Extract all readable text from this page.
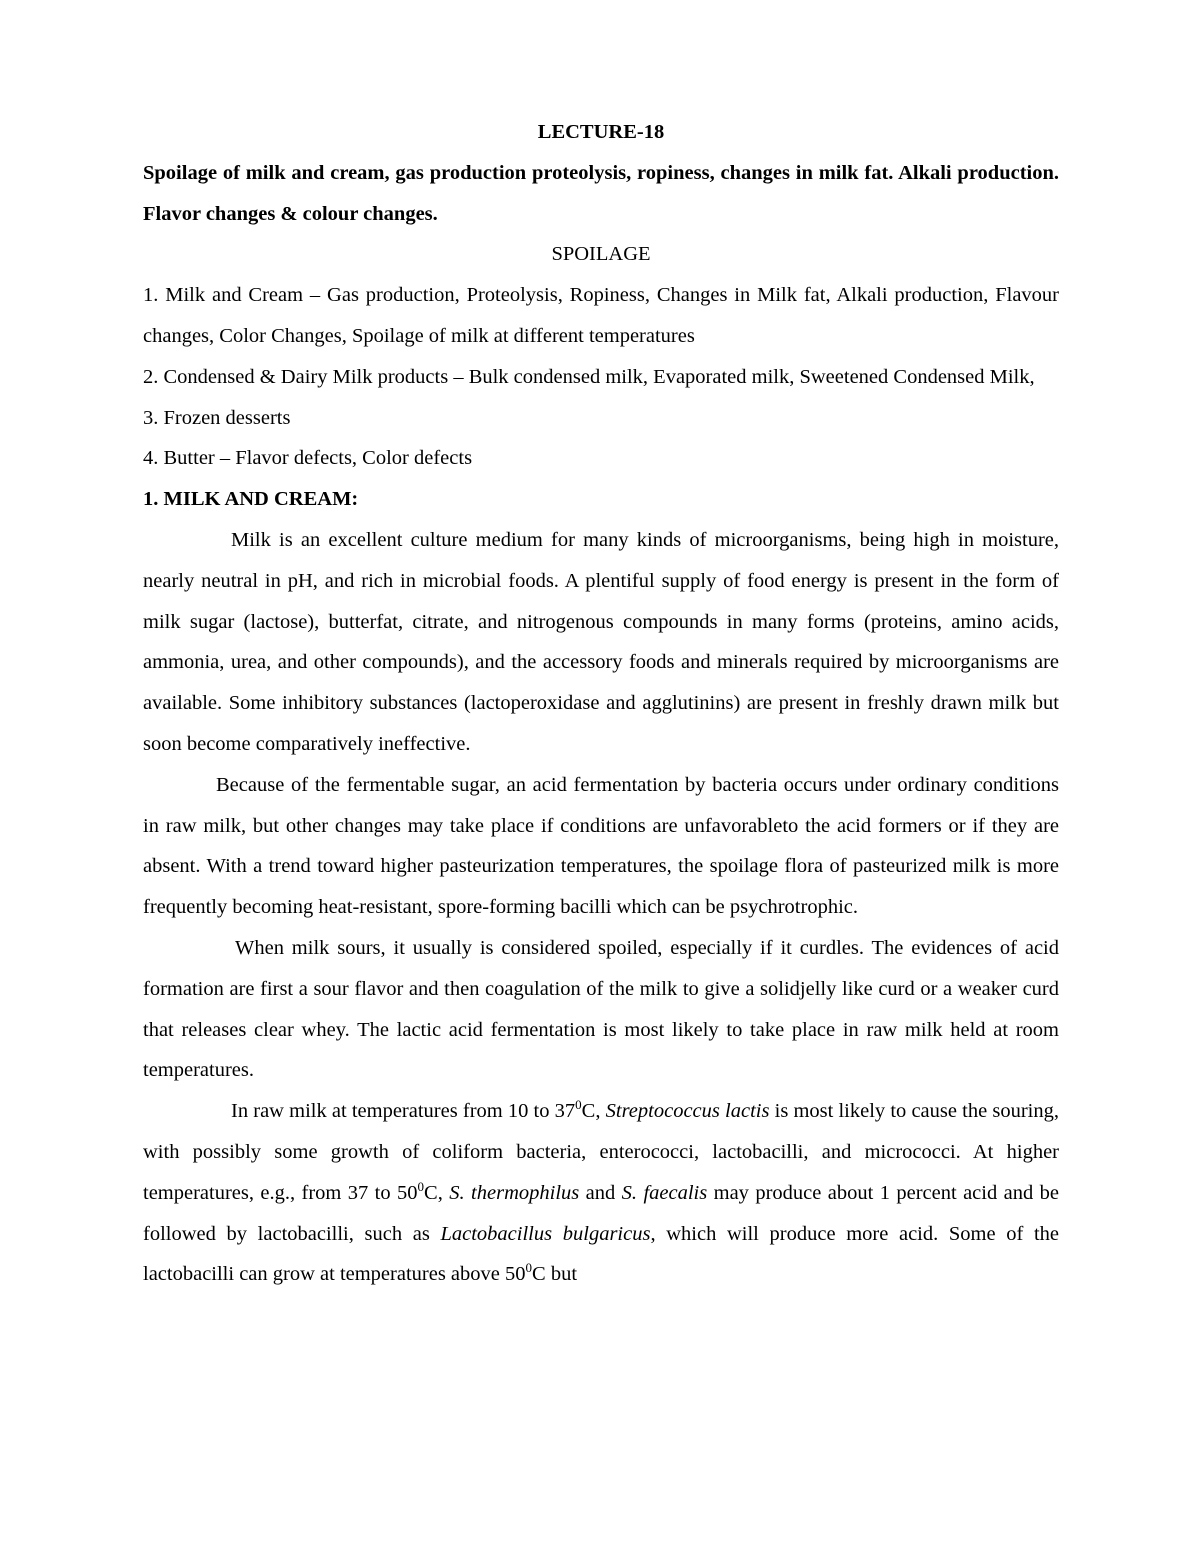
LECTURE-18

Spoilage of milk and cream, gas production proteolysis, ropiness, changes in milk fat. Alkali production. Flavor changes & colour changes.

SPOILAGE

1. Milk and Cream – Gas production, Proteolysis, Ropiness, Changes in Milk fat, Alkali production, Flavour changes, Color Changes, Spoilage of milk at different temperatures

2. Condensed & Dairy Milk products – Bulk condensed milk, Evaporated milk, Sweetened Condensed Milk,

3. Frozen desserts

4. Butter – Flavor defects, Color defects

1. MILK AND CREAM:

Milk is an excellent culture medium for many kinds of microorganisms, being high in moisture, nearly neutral in pH, and rich in microbial foods. A plentiful supply of food energy is present in the form of milk sugar (lactose), butterfat, citrate, and nitrogenous compounds in many forms (proteins, amino acids, ammonia, urea, and other compounds), and the accessory foods and minerals required by microorganisms are available. Some inhibitory substances (lactoperoxidase and agglutinins) are present in freshly drawn milk but soon become comparatively ineffective.

Because of the fermentable sugar, an acid fermentation by bacteria occurs under ordinary conditions in raw milk, but other changes may take place if conditions are unfavorableto the acid formers or if they are absent. With a trend toward higher pasteurization temperatures, the spoilage flora of pasteurized milk is more frequently becoming heat-resistant, spore-forming bacilli which can be psychrotrophic.

When milk sours, it usually is considered spoiled, especially if it curdles. The evidences of acid formation are first a sour flavor and then coagulation of the milk to give a solidjelly like curd or a weaker curd that releases clear whey. The lactic acid fermentation is most likely to take place in raw milk held at room temperatures.

In raw milk at temperatures from 10 to $37^0C$, Streptococcus lactis is most likely to cause the souring, with possibly some growth of coliform bacteria, enterococci, lactobacilli, and micrococci. At higher temperatures, e.g., from 37 to $50^0C$, S. thermophilus and S. faecalis may produce about 1 percent acid and be followed by lactobacilli, such as Lactobacillus bulgaricus, which will produce more acid. Some of the lactobacilli can grow at temperatures above $50^0C$ but
